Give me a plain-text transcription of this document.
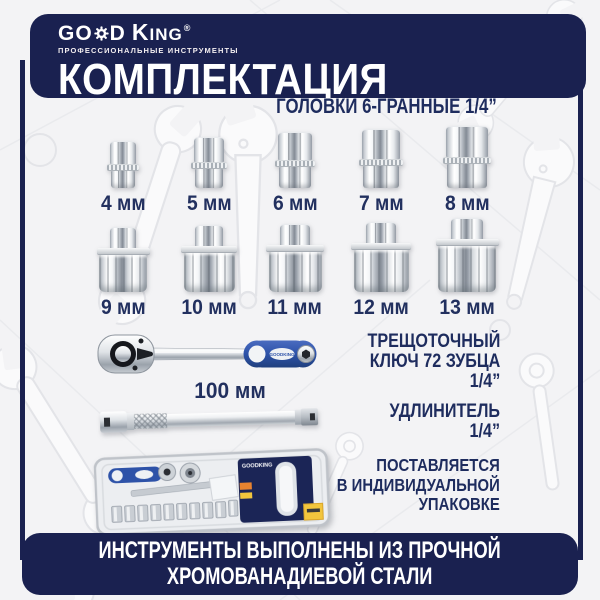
GO D KING ®
ПРОФЕССИОНАЛЬНЫЕ ИНСТРУМЕНТЫ
КОМПЛЕКТАЦИЯ
ГОЛОВКИ 6-ГРАННЫЕ 1/4”
4 мм 5 мм 6 мм 7 мм 8 мм
9 мм 10 мм 11 мм 12 мм 13 мм
GOODKING
100 мм
GOODKING
ТРЕЩОТОЧНЫЙ
КЛЮЧ 72 ЗУБЦА
1/4”
УДЛИНИТЕЛЬ
1/4”
ПОСТАВЛЯЕТСЯ
В ИНДИВИДУАЛЬНОЙ
УПАКОВКЕ
ИНСТРУМЕНТЫ ВЫПОЛНЕНЫ ИЗ ПРОЧНОЙ
ХРОМОВАНАДИЕВОЙ СТАЛИ
